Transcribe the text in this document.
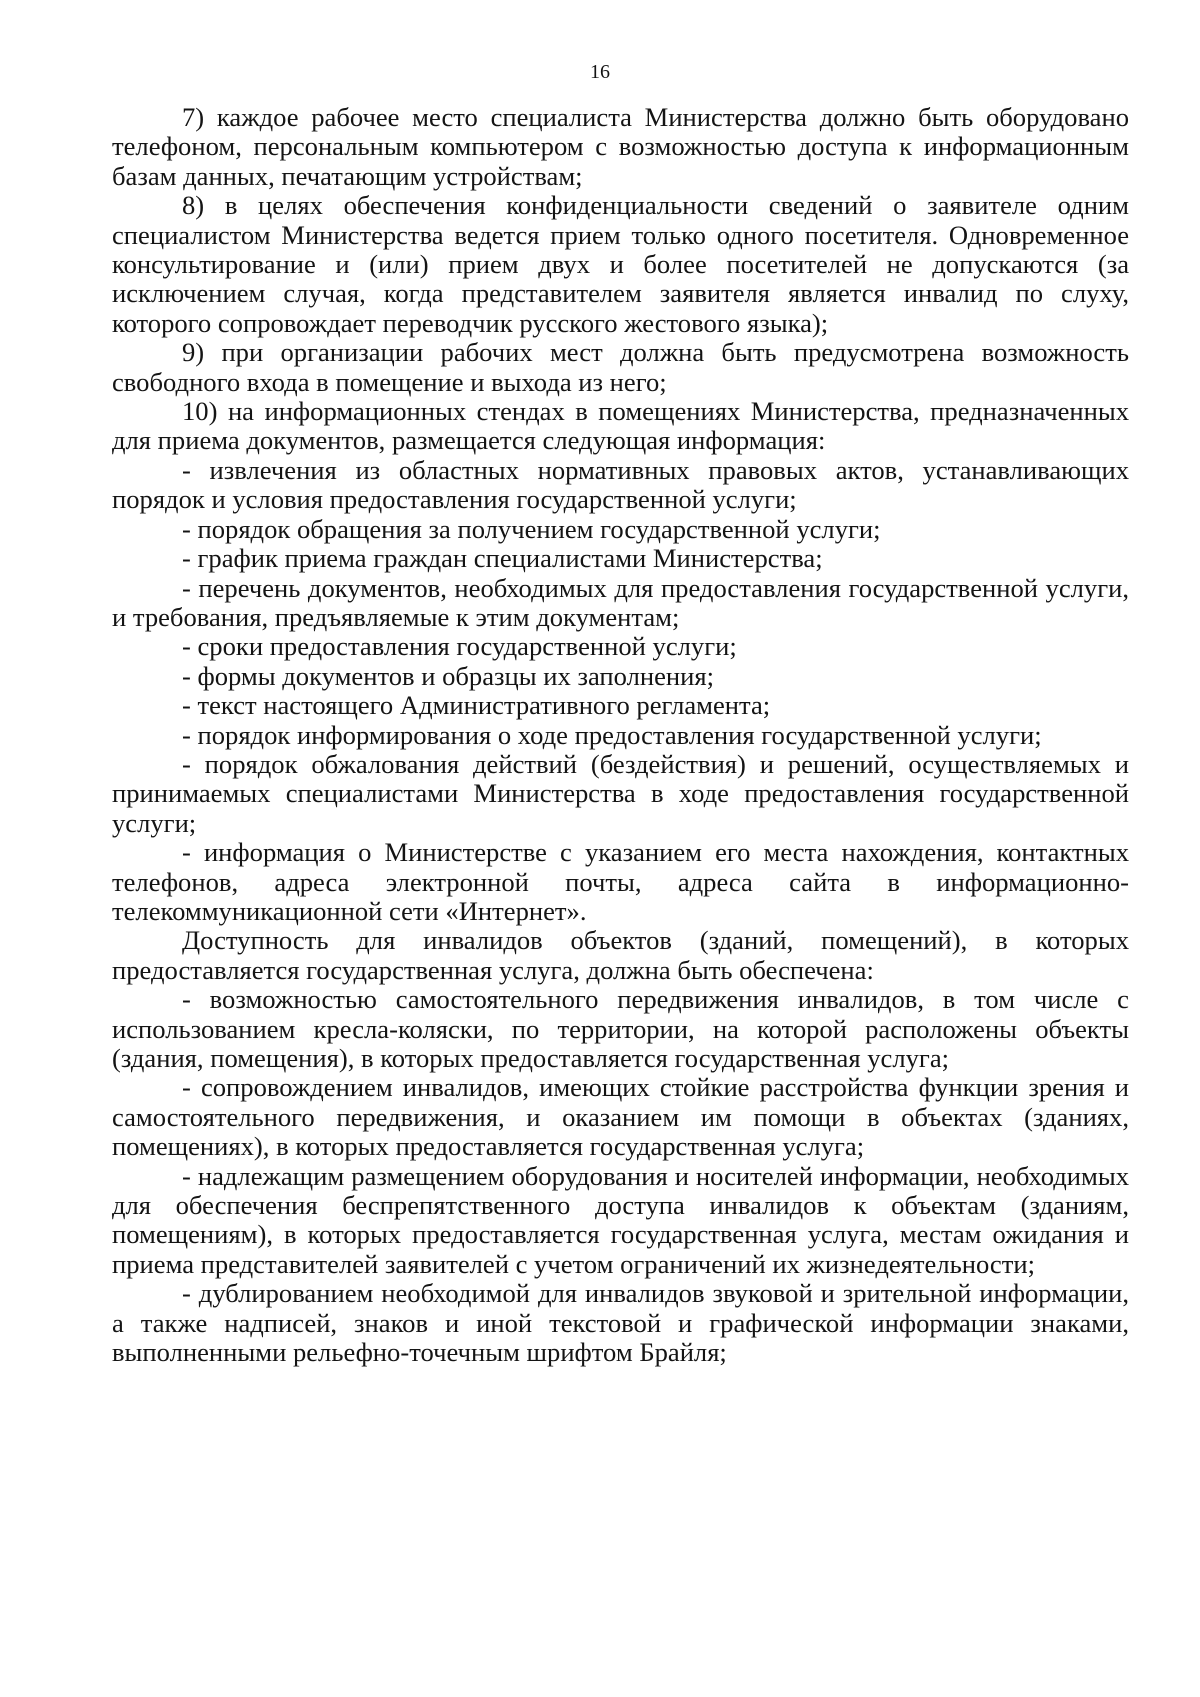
16

7) каждое рабочее место специалиста Министерства должно быть оборудовано телефоном, персональным компьютером с возможностью доступа к информационным базам данных, печатающим устройствам;

8) в целях обеспечения конфиденциальности сведений о заявителе одним специалистом Министерства ведется прием только одного посетителя. Одновременное консультирование и (или) прием двух и более посетителей не допускаются (за исключением случая, когда представителем заявителя является инвалид по слуху, которого сопровождает переводчик русского жестового языка);

9) при организации рабочих мест должна быть предусмотрена возможность свободного входа в помещение и выхода из него;

10) на информационных стендах в помещениях Министерства, предназначенных для приема документов, размещается следующая информация:

- извлечения из областных нормативных правовых актов, устанавливающих порядок и условия предоставления государственной услуги;

- порядок обращения за получением государственной услуги;

- график приема граждан специалистами Министерства;

- перечень документов, необходимых для предоставления государственной услуги, и требования, предъявляемые к этим документам;

- сроки предоставления государственной услуги;

- формы документов и образцы их заполнения;

- текст настоящего Административного регламента;

- порядок информирования о ходе предоставления государственной услуги;

- порядок обжалования действий (бездействия) и решений, осуществляемых и принимаемых специалистами Министерства в ходе предоставления государственной услуги;

- информация о Министерстве с указанием его места нахождения, контактных телефонов, адреса электронной почты, адреса сайта в информационно-телекоммуникационной сети «Интернет».

Доступность для инвалидов объектов (зданий, помещений), в которых предоставляется государственная услуга, должна быть обеспечена:

- возможностью самостоятельного передвижения инвалидов, в том числе с использованием кресла-коляски, по территории, на которой расположены объекты (здания, помещения), в которых предоставляется государственная услуга;

- сопровождением инвалидов, имеющих стойкие расстройства функции зрения и самостоятельного передвижения, и оказанием им помощи в объектах (зданиях, помещениях), в которых предоставляется государственная услуга;

- надлежащим размещением оборудования и носителей информации, необходимых для обеспечения беспрепятственного доступа инвалидов к объектам (зданиям, помещениям), в которых предоставляется государственная услуга, местам ожидания и приема представителей заявителей с учетом ограничений их жизнедеятельности;

- дублированием необходимой для инвалидов звуковой и зрительной информации, а также надписей, знаков и иной текстовой и графической информации знаками, выполненными рельефно-точечным шрифтом Брайля;
